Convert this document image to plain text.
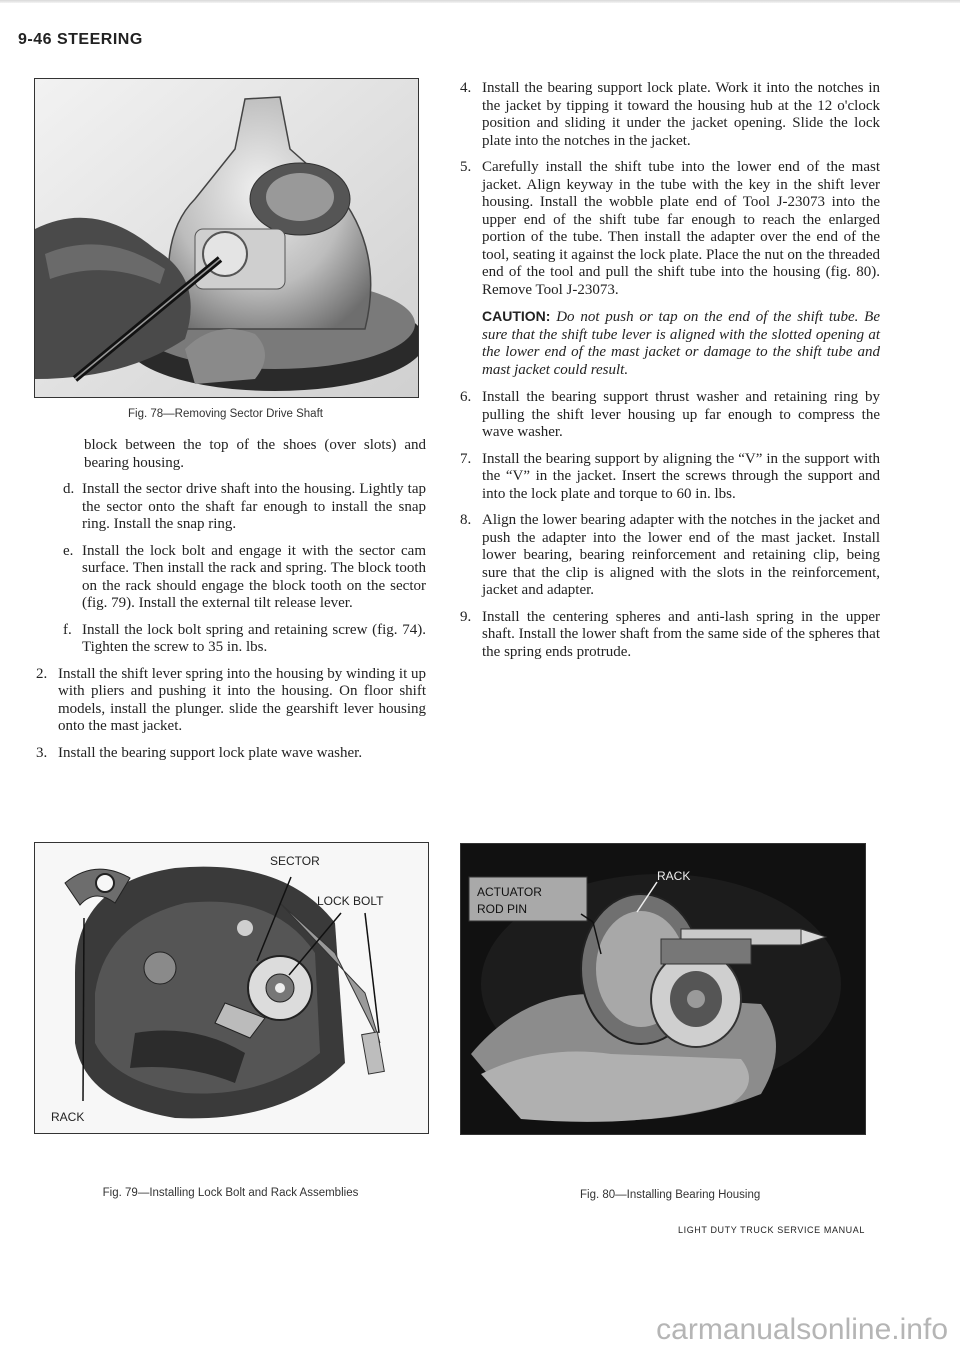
9-46 STEERING
Fig. 78—Removing Sector Drive Shaft
block between the top of the shoes (over slots) and bearing housing.
d. Install the sector drive shaft into the housing. Lightly tap the sector onto the shaft far enough to install the snap ring. Install the snap ring.
e. Install the lock bolt and engage it with the sector cam surface. Then install the rack and spring. The block tooth on the rack should engage the block tooth on the sector (fig. 79). Install the external tilt release lever.
f. Install the lock bolt spring and retaining screw (fig. 74). Tighten the screw to 35 in. lbs.
2. Install the shift lever spring into the housing by winding it up with pliers and pushing it into the housing. On floor shift models, install the plunger. slide the gearshift lever housing onto the mast jacket.
3. Install the bearing support lock plate wave washer.
SECTOR
LOCK BOLT
RACK
Fig. 79—Installing Lock Bolt and Rack Assemblies
4. Install the bearing support lock plate. Work it into the notches in the jacket by tipping it toward the housing hub at the 12 o'clock position and sliding it under the jacket opening. Slide the lock plate into the notches in the jacket.
5. Carefully install the shift tube into the lower end of the mast jacket. Align keyway in the tube with the key in the shift lever housing. Install the wobble plate end of Tool J-23073 into the upper end of the shift tube far enough to reach the enlarged portion of the tube. Then install the adapter over the end of the tool, seating it against the lock plate. Place the nut on the threaded end of the tool and pull the shift tube into the housing (fig. 80). Remove Tool J-23073.
CAUTION: Do not push or tap on the end of the shift tube. Be sure that the shift tube lever is aligned with the slotted opening at the lower end of the mast jacket or damage to the shift tube and mast jacket could result.
6. Install the bearing support thrust washer and retaining ring by pulling the shift lever housing up far enough to compress the wave washer.
7. Install the bearing support by aligning the “V” in the support with the “V” in the jacket. Insert the screws through the support and into the lock plate and torque to 60 in. lbs.
8. Align the lower bearing adapter with the notches in the jacket and push the adapter into the lower end of the mast jacket. Install lower bearing, bearing reinforcement and retaining clip, being sure that the clip is aligned with the slots in the reinforcement, jacket and adapter.
9. Install the centering spheres and anti-lash spring in the upper shaft. Install the lower shaft from the same side of the spheres that the spring ends protrude.
ACTUATOR
ROD PIN
RACK
Fig. 80—Installing Bearing Housing
LIGHT DUTY TRUCK SERVICE MANUAL
carmanualsonline.info
